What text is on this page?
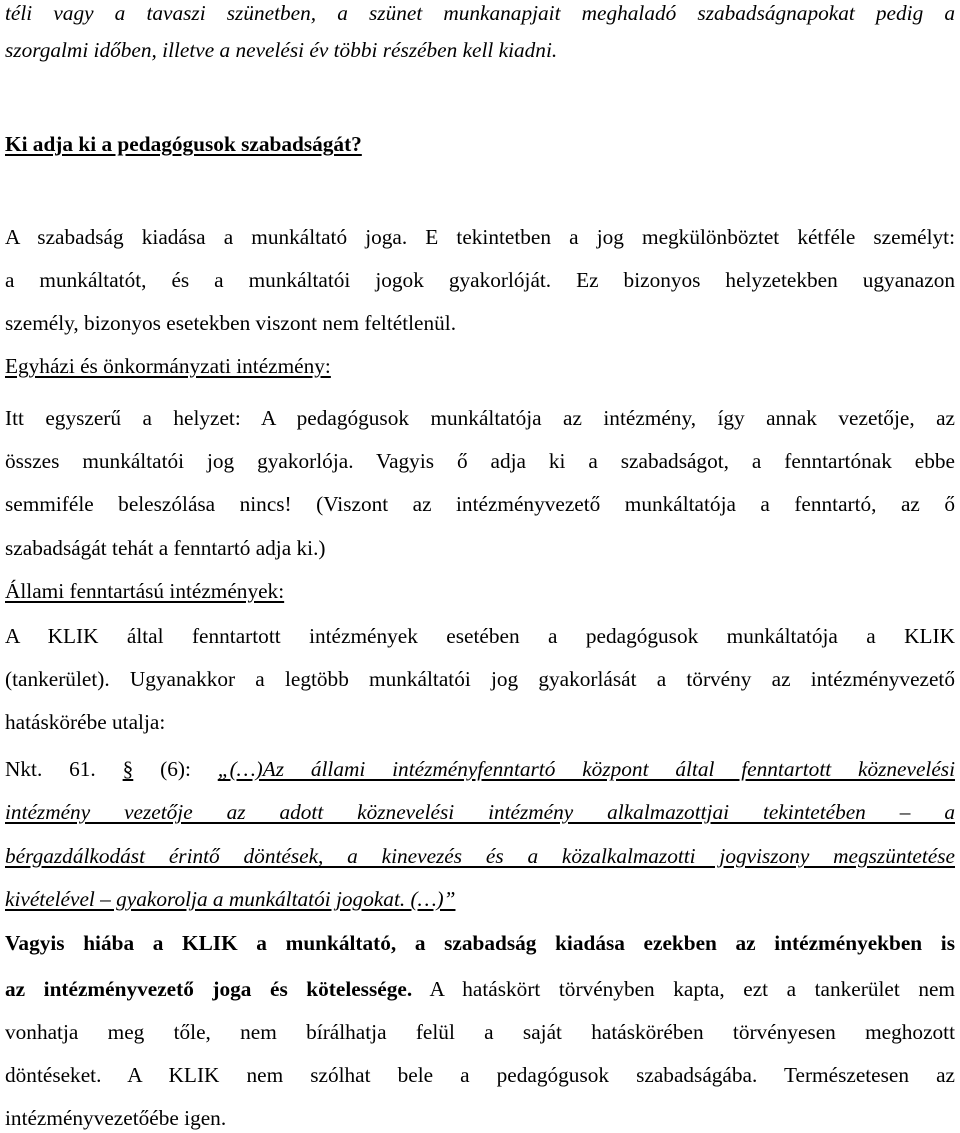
téli vagy a tavaszi szünetben, a szünet munkanapjait meghaladó szabadságnapokat pedig a
szorgalmi időben, illetve a nevelési év többi részében kell kiadni.
Ki adja ki a pedagógusok szabadságát?
A szabadság kiadása a munkáltató joga. E tekintetben a jog megkülönböztet kétféle személyt:
a munkáltatót, és a munkáltatói jogok gyakorlóját. Ez bizonyos helyzetekben ugyanazon
személy, bizonyos esetekben viszont nem feltétlenül.
Egyházi és önkormányzati intézmény:
Itt egyszerű a helyzet: A pedagógusok munkáltatója az intézmény, így annak vezetője, az
összes munkáltatói jog gyakorlója. Vagyis ő adja ki a szabadságot, a fenntartónak ebbe
semmiféle beleszólása nincs! (Viszont az intézményvezető munkáltatója a fenntartó, az ő
szabadságát tehát a fenntartó adja ki.)
Állami fenntartású intézmények:
A KLIK által fenntartott intézmények esetében a pedagógusok munkáltatója a KLIK
(tankerület). Ugyanakkor a legtöbb munkáltatói jog gyakorlását a törvény az intézményvezető
hatáskörébe utalja:
Nkt. 61. § (6): „(…)Az állami intézményfenntartó központ által fenntartott köznevelési
intézmény vezetője az adott köznevelési intézmény alkalmazottjai tekintetében – a
bérgazdálkodást érintő döntések, a kinevezés és a közalkalmazotti jogviszony megszüntetése
kivételével – gyakorolja a munkáltatói jogokat. (…)”
Vagyis hiába a KLIK a munkáltató, a szabadság kiadása ezekben az intézményekben is
az intézményvezető joga és kötelessége. A hatáskört törvényben kapta, ezt a tankerület nem
vonhatja meg tőle, nem bírálhatja felül a saját hatáskörében törvényesen meghozott
döntéseket. A KLIK nem szólhat bele a pedagógusok szabadságába. Természetesen az
intézményvezetőébe igen.
